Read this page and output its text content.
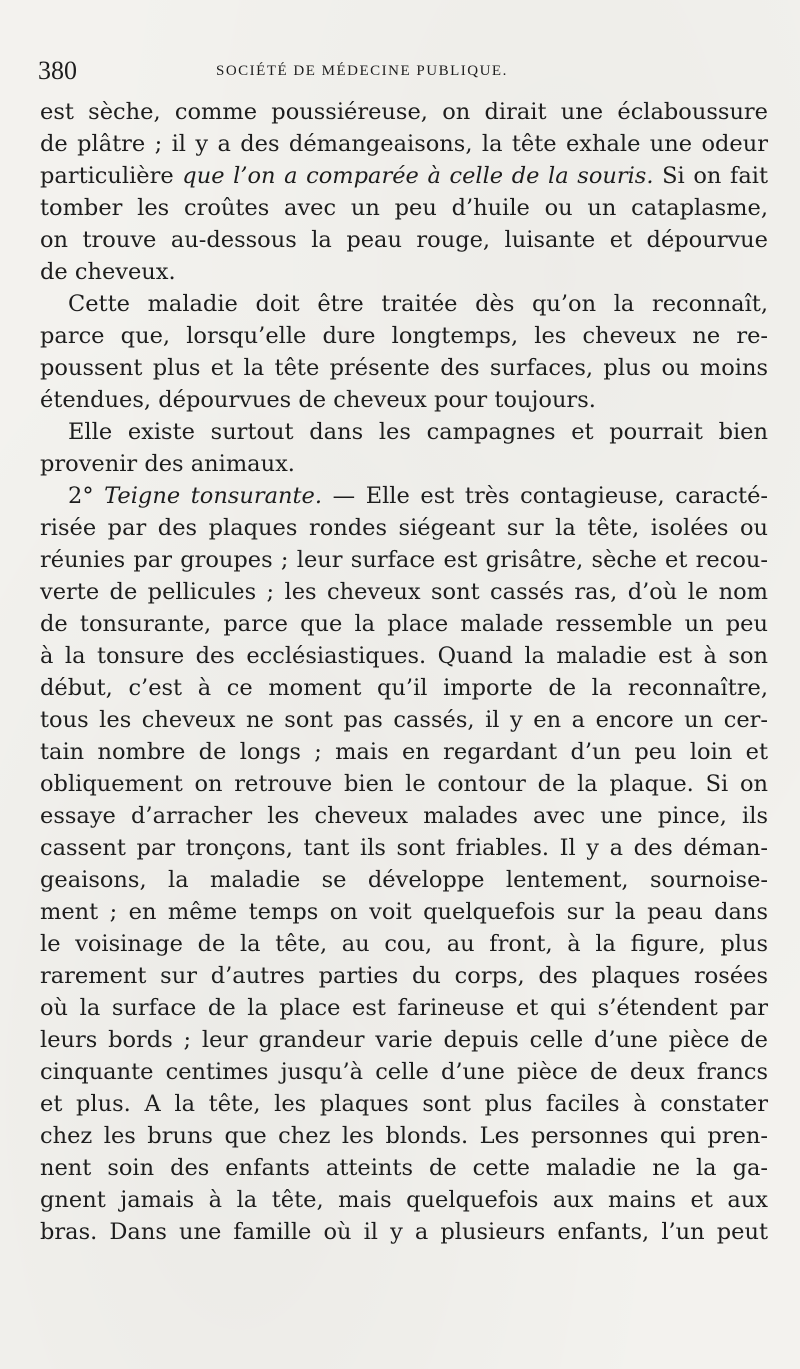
380	SOCIÉTÉ DE MÉDECINE PUBLIQUE.
est sèche, comme poussiéreuse, on dirait une éclaboussure
de plâtre ; il y a des démangeaisons, la tête exhale une odeur
particulière que l’on a comparée à celle de la souris. Si on fait
tomber les croûtes avec un peu d’huile ou un cataplasme,
on trouve au-dessous la peau rouge, luisante et dépourvue
de cheveux.
Cette maladie doit être traitée dès qu’on la reconnaît,
parce que, lorsqu’elle dure longtemps, les cheveux ne re-
poussent plus et la tête présente des surfaces, plus ou moins
étendues, dépourvues de cheveux pour toujours.
Elle existe surtout dans les campagnes et pourrait bien
provenir des animaux.
2° Teigne tonsurante. — Elle est très contagieuse, caracté-
risée par des plaques rondes siégeant sur la tête, isolées ou
réunies par groupes ; leur surface est grisâtre, sèche et recou-
verte de pellicules ; les cheveux sont cassés ras, d’où le nom
de tonsurante, parce que la place malade ressemble un peu
à la tonsure des ecclésiastiques. Quand la maladie est à son
début, c’est à ce moment qu’il importe de la reconnaître,
tous les cheveux ne sont pas cassés, il y en a encore un cer-
tain nombre de longs ; mais en regardant d’un peu loin et
obliquement on retrouve bien le contour de la plaque. Si on
essaye d’arracher les cheveux malades avec une pince, ils
cassent par tronçons, tant ils sont friables. Il y a des déman-
geaisons, la maladie se développe lentement, sournoise-
ment ; en même temps on voit quelquefois sur la peau dans
le voisinage de la tête, au cou, au front, à la figure, plus
rarement sur d’autres parties du corps, des plaques rosées
où la surface de la place est farineuse et qui s’étendent par
leurs bords ; leur grandeur varie depuis celle d’une pièce de
cinquante centimes jusqu’à celle d’une pièce de deux francs
et plus. A la tête, les plaques sont plus faciles à constater
chez les bruns que chez les blonds. Les personnes qui pren-
nent soin des enfants atteints de cette maladie ne la ga-
gnent jamais à la tête, mais quelquefois aux mains et aux
bras. Dans une famille où il y a plusieurs enfants, l’un peut
